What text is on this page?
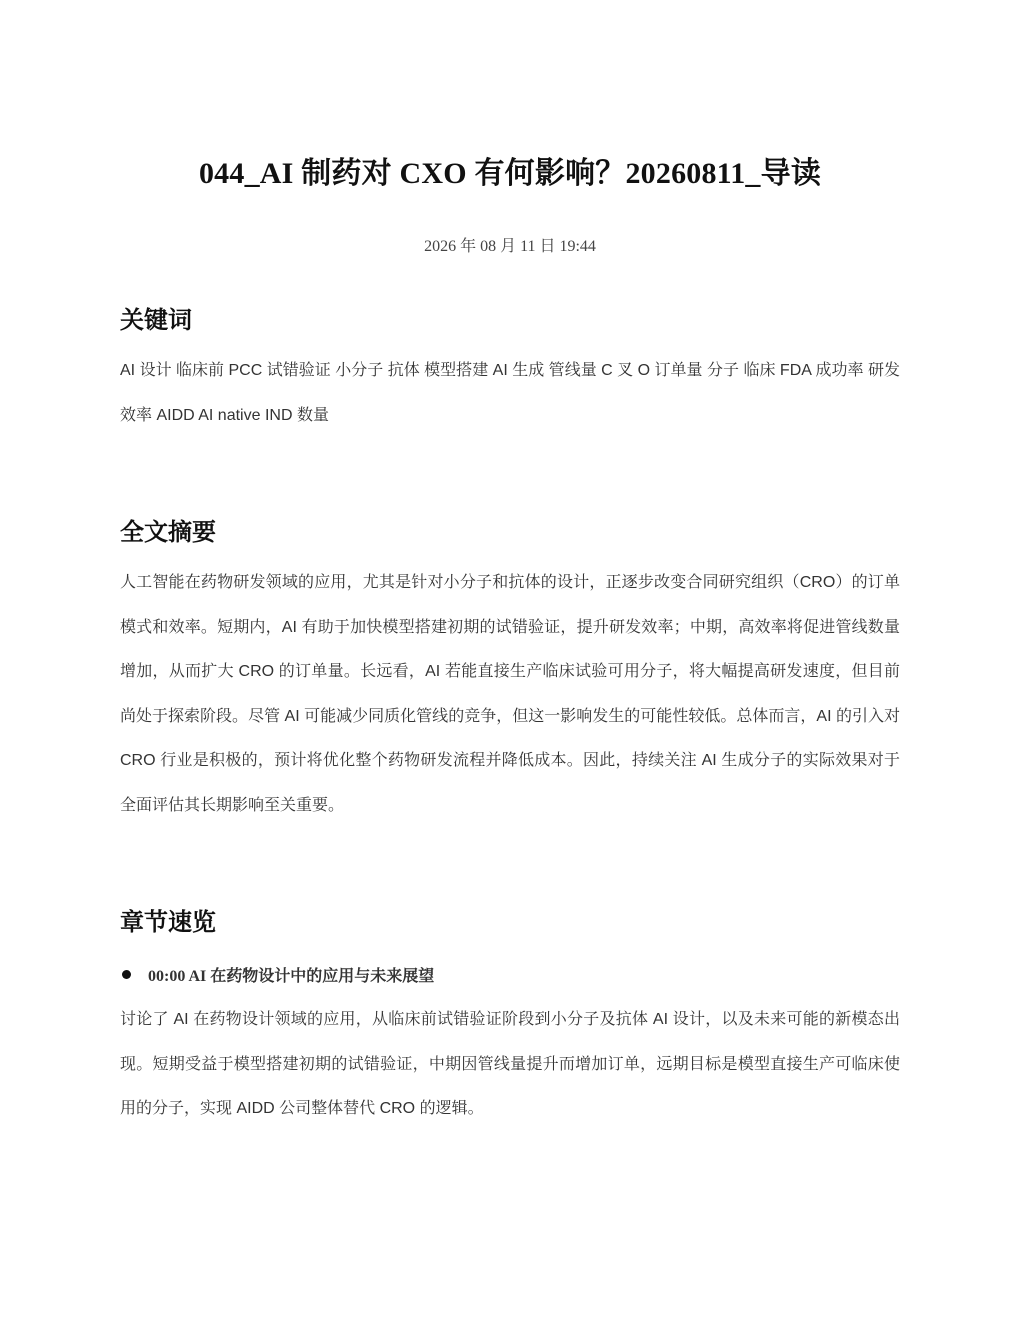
044_AI 制药对 CXO 有何影响？20260811_导读
2026 年 08 月 11 日 19:44
关键词

AI 设计 临床前 PCC 试错验证 小分子 抗体 模型搭建 AI 生成 管线量 C 叉 O 订单量 分子 临床 FDA 成功率 研发效率 AIDD AI native IND 数量

全文摘要

人工智能在药物研发领域的应用，尤其是针对小分子和抗体的设计，正逐步改变合同研究组织（CRO）的订单模式和效率。短期内，AI 有助于加快模型搭建初期的试错验证，提升研发效率；中期，高效率将促进管线数量增加，从而扩大 CRO 的订单量。长远看，AI 若能直接生产临床试验可用分子，将大幅提高研发速度，但目前尚处于探索阶段。尽管 AI 可能减少同质化管线的竞争，但这一影响发生的可能性较低。总体而言，AI 的引入对 CRO 行业是积极的，预计将优化整个药物研发流程并降低成本。因此，持续关注 AI 生成分子的实际效果对于全面评估其长期影响至关重要。

章节速览
00:00 AI 在药物设计中的应用与未来展望

讨论了 AI 在药物设计领域的应用，从临床前试错验证阶段到小分子及抗体 AI 设计，以及未来可能的新模态出现。短期受益于模型搭建初期的试错验证，中期因管线量提升而增加订单，远期目标是模型直接生产可临床使用的分子，实现 AIDD 公司整体替代 CRO 的逻辑。
